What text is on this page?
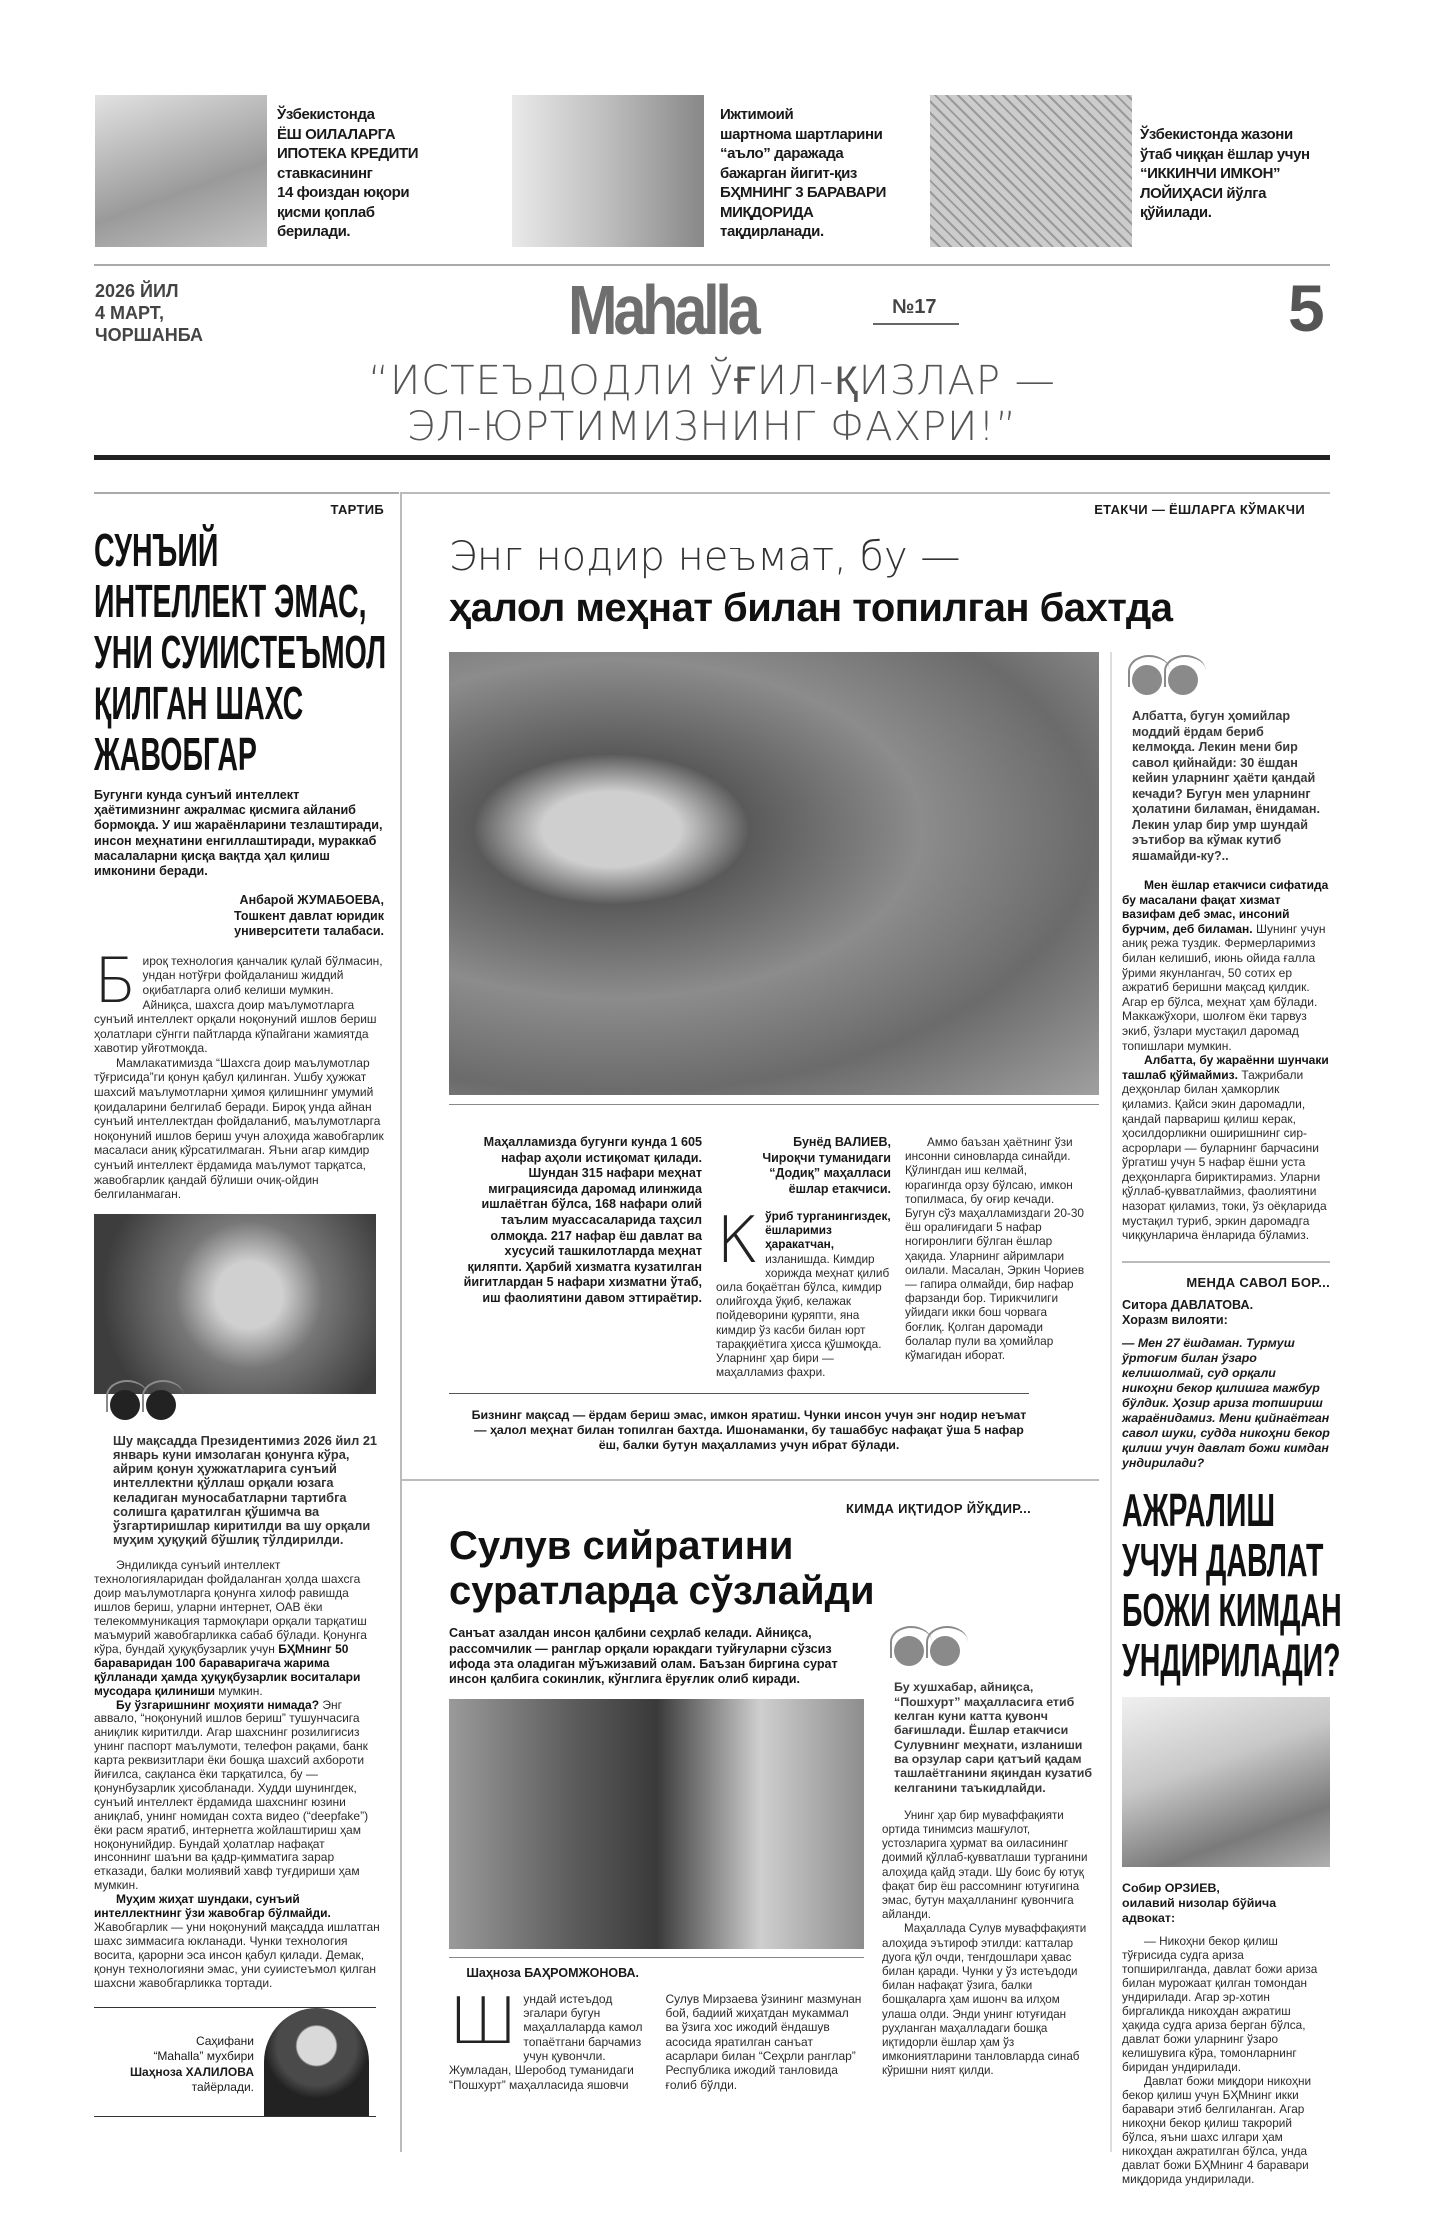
Ўзбекистонда
ЁШ ОИЛАЛАРГА
ИПОТЕКА КРЕДИТИ
ставкасининг
14 фоиздан юқори
қисми қоплаб
берилади.
Ижтимоий
шартнома шартларини
“аъло” даражада
бажарган йигит-қиз
БҲМНИНГ 3 БАРАВАРИ
МИҚДОРИДА
тақдирланади.
Ўзбекистонда жазони
ўтаб чиққан ёшлар учун
“ИККИНЧИ ИМКОН”
ЛОЙИҲАСИ йўлга
қўйилади.
2026 ЙИЛ
4 МАРТ,
ЧОРШАНБА	Mahalla	№17	5
“ИСТЕЪДОДЛИ ЎҒИЛ-ҚИЗЛАР —
ЭЛ-ЮРТИМИЗНИНГ ФАХРИ!”
ТАРТИБ
СУНЪИЙ
ИНТЕЛЛЕКТ ЭМАС,
УНИ СУИИСТЕЪМОЛ
ҚИЛГАН ШАХС
ЖАВОБГАР
Бугунги кунда сунъий интеллект ҳаётимизнинг ажралмас қисмига айланиб бормоқда. У иш жараёнларини тезлаштиради, инсон меҳнатини енгиллаштиради, мураккаб масалаларни қисқа вақтда ҳал қилиш имконини беради.
Анбарой ЖУМАБОЕВА,
Тошкент давлат юридик
университети талабаси.

Бироқ технология қанчалик қулай бўлмасин, ундан нотўғри фойдаланиш жиддий оқибатларга олиб келиши мумкин. Айниқса, шахсга доир маълумотларга сунъий интеллект орқали ноқонуний ишлов бериш ҳолатлари сўнгги пайтларда кўпайгани жамиятда хавотир уйғотмоқда.

Мамлакатимизда “Шахсга доир маълумотлар тўғрисида”ги қонун қабул қилинган. Ушбу ҳужжат шахсий маълумотларни ҳимоя қилишнинг умумий қоидаларини белгилаб беради. Бироқ унда айнан сунъий интеллектдан фойдаланиб, маълумотларга ноқонуний ишлов бериш учун алоҳида жавобгарлик масаласи аниқ кўрсатилмаган. Яъни агар кимдир сунъий интеллект ёрдамида маълумот тарқатса, жавобгарлик қандай бўлиши очиқ-ойдин белгиланмаган.

Шу мақсадда Президентимиз 2026 йил 21 январь куни имзолаган қонунга кўра, айрим қонун ҳужжатларига сунъий интеллектни қўллаш орқали юзага келадиган муносабатларни тартибга солишга қаратилган қўшимча ва ўзгартиришлар киритилди ва шу орқали муҳим ҳуқуқий бўшлиқ тўлдирилди.

Эндиликда сунъий интеллект технологияларидан фойдаланган ҳолда шахсга доир маълумотларга қонунга хилоф равишда ишлов бериш, уларни интернет, ОАВ ёки телекоммуникация тармоқлари орқали тарқатиш маъмурий жавобгарликка сабаб бўлади. Қонунга кўра, бундай ҳуқуқбузарлик учун БҲМнинг 50 бараваридан 100 бараваригача жарима қўлланади ҳамда ҳуқуқбузарлик воситалари мусодара қилиниши мумкин.

Бу ўзгаришнинг моҳияти нимада? Энг аввало, “ноқонуний ишлов бериш” тушунчасига аниқлик киритилди. Агар шахснинг розилигисиз унинг паспорт маълумоти, телефон рақами, банк карта реквизитлари ёки бошқа шахсий ахбороти йиғилса, сақланса ёки тарқатилса, бу — қонунбузарлик ҳисобланади. Худди шунингдек, сунъий интеллект ёрдамида шахснинг юзини аниқлаб, унинг номидан сохта видео (“deepfake”) ёки расм яратиб, интернетга жойлаштириш ҳам ноқонунийдир. Бундай ҳолатлар нафақат инсоннинг шаъни ва қадр-қимматига зарар етказади, балки молиявий хавф туғдириши ҳам мумкин.

Муҳим жиҳат шундаки, сунъий интеллектнинг ўзи жавобгар бўлмайди. Жавобгарлик — уни ноқонуний мақсадда ишлатган шахс зиммасига юкланади. Чунки технология восита, қарорни эса инсон қабул қилади. Демак, қонун технологияни эмас, уни суиистеъмол қилган шахсни жавобгарликка тортади.

Саҳифани
“Mahalla” мухбири
Шаҳноза ХАЛИЛОВА
тайёрлади.
ЕТАКЧИ — ЁШЛАРГА КЎМАКЧИ
Энг нодир неъмат, бу —
ҳалол меҳнат билан топилган бахтда
Маҳалламизда бугунги кунда 1 605 нафар аҳоли истиқомат қилади. Шундан 315 нафари меҳнат миграциясида даромад илинжида ишлаётган бўлса, 168 нафари олий таълим муассасаларида таҳсил олмоқда. 217 нафар ёш давлат ва хусусий ташкилотларда меҳнат қиляпти. Ҳарбий хизматга кузатилган йигитлардан 5 нафари хизматни ўтаб, иш фаолиятини давом эттираётир.
Бунёд ВАЛИЕВ,
Чироқчи туманидаги
“Додиқ” маҳалласи
ёшлар етакчиси.

Кўриб турганингиздек, ёшларимиз ҳаракатчан, изланишда. Кимдир хорижда меҳнат қилиб оила боқаётган бўлса, кимдир олийгоҳда ўқиб, келажак пойдеворини қуряпти, яна кимдир ўз касби билан юрт тараққиётига ҳисса қўшмоқда. Уларнинг ҳар бири — маҳалламиз фахри.

Аммо баъзан ҳаётнинг ўзи инсонни синовларда синайди. Қўлингдан иш келмай, юрагингда орзу бўлсаю, имкон топилмаса, бу оғир кечади. Бугун сўз маҳалламиздаги 20-30 ёш оралиғидаги 5 нафар ногиронлиги бўлган ёшлар ҳақида. Уларнинг айримлари оилали. Масалан, Эркин Чориев — гапира олмайди, бир нафар фарзанди бор. Тирикчилиги уйидаги икки бош чорвага боғлиқ. Қолган даромади болалар пули ва ҳомийлар кўмагидан иборат.

Бизнинг мақсад — ёрдам бериш эмас, имкон яратиш. Чунки инсон учун энг нодир неъмат — ҳалол меҳнат билан топилган бахтда. Ишонаманки, бу ташаббус нафақат ўша 5 нафар ёш, балки бутун маҳалламиз учун ибрат бўлади.
КИМДА ИҚТИДОР ЙЎҚДИР...
Сулув сийратини
суратларда сўзлайди
Санъат азалдан инсон қалбини сеҳрлаб келади. Айниқса, рассомчилик — ранглар орқали юракдаги туйғуларни сўзсиз ифода эта оладиган мўъжизавий олам. Баъзан биргина сурат инсон қалбига сокинлик, кўнглига ёруғлик олиб киради.
Шаҳноза БАҲРОМЖОНОВА.

Шундай истеъдод эгалари бугун маҳаллаларда камол топаётгани барчамиз учун қувончли. Жумладан, Шеробод туманидаги “Пошхурт” маҳалласида яшовчи Сулув Мирзаева ўзининг мазмунан бой, бадиий жиҳатдан мукаммал ва ўзига хос ижодий ёндашув асосида яратилган санъат асарлари билан “Сеҳрли ранглар” Республика ижодий танловида ғолиб бўлди.

Бу хушхабар, айниқса, “Пошхурт” маҳалласига етиб келган куни катта қувонч бағишлади. Ёшлар етакчиси Сулувнинг меҳнати, изланиши ва орзулар сари қатъий қадам ташлаётганини яқиндан кузатиб келганини таъкидлайди.

Унинг ҳар бир муваффақияти ортида тинимсиз машғулот, устозларига ҳурмат ва оиласининг доимий қўллаб-қувватлаши турганини алоҳида қайд этади. Шу боис бу ютуқ фақат бир ёш рассомнинг ютуғигина эмас, бутун маҳалланинг қувончига айланди.

Маҳаллада Сулув муваффақияти алоҳида эътироф этилди: катталар дуога қўл очди, тенгдошлари ҳавас билан қаради. Чунки у ўз истеъдоди билан нафақат ўзига, балки бошқаларга ҳам ишонч ва илҳом улаша олди. Энди унинг ютуғидан руҳланган маҳалладаги бошқа иқтидорли ёшлар ҳам ўз имкониятларини танловларда синаб кўришни ният қилди.

Албатта, бугун ҳомийлар моддий ёрдам бериб келмоқда. Лекин мени бир савол қийнайди: 30 ёшдан кейин уларнинг ҳаёти қандай кечади? Бугун мен уларнинг ҳолатини биламан, ёнидаман. Лекин улар бир умр шундай эътибор ва кўмак кутиб яшамайди-ку?..

Мен ёшлар етакчиси сифатида бу масалани фақат хизмат вазифам деб эмас, инсоний бурчим, деб биламан. Шунинг учун аниқ режа туздик. Фермерларимиз билан келишиб, июнь ойида ғалла ўрими якунлангач, 50 сотих ер ажратиб беришни мақсад қилдик. Агар ер бўлса, меҳнат ҳам бўлади. Маккажўхори, шолғом ёки тарвуз экиб, ўзлари мустақил даромад топишлари мумкин.

Албатта, бу жараённи шунчаки ташлаб қўймаймиз. Тажрибали деҳқонлар билан ҳамкорлик қиламиз. Қайси экин даромадли, қандай парвариш қилиш керак, ҳосилдорликни оширишнинг сир-асрорлари — буларнинг барчасини ўргатиш учун 5 нафар ёшни уста деҳқонларга бириктирамиз. Уларни қўллаб-қувватлаймиз, фаолиятини назорат қиламиз, токи, ўз оёқларида мустақил туриб, эркин даромадга чиққунларича ёнларида бўламиз.

МЕНДА САВОЛ БОР...
Ситора ДАВЛАТОВА.
Хоразм вилояти:
— Мен 27 ёшдаман. Турмуш ўртоғим билан ўзаро келишолмай, суд орқали никоҳни бекор қилишга мажбур бўлдик. Ҳозир ариза топшириш жараёнидамиз. Мени қийнаётган савол шуки, судда никоҳни бекор қилиш учун давлат божи кимдан ундирилади?
АЖРАЛИШ
УЧУН ДАВЛАТ
БОЖИ КИМДАН
УНДИРИЛАДИ?
Собир ОРЗИЕВ,
оилавий низолар бўйича адвокат:

— Никоҳни бекор қилиш тўғрисида судга ариза топширилганда, давлат божи ариза билан мурожаат қилган томондан ундирилади. Агар эр-хотин биргаликда никоҳдан ажратиш ҳақида судга ариза берган бўлса, давлат божи уларнинг ўзаро келишувига кўра, томонларнинг биридан ундирилади.

Давлат божи миқдори никоҳни бекор қилиш учун БҲМнинг икки баравари этиб белгиланган. Агар никоҳни бекор қилиш такрорий бўлса, яъни шахс илгари ҳам никоҳдан ажратилган бўлса, унда давлат божи БҲМнинг 4 баравари миқдорида ундирилади.
